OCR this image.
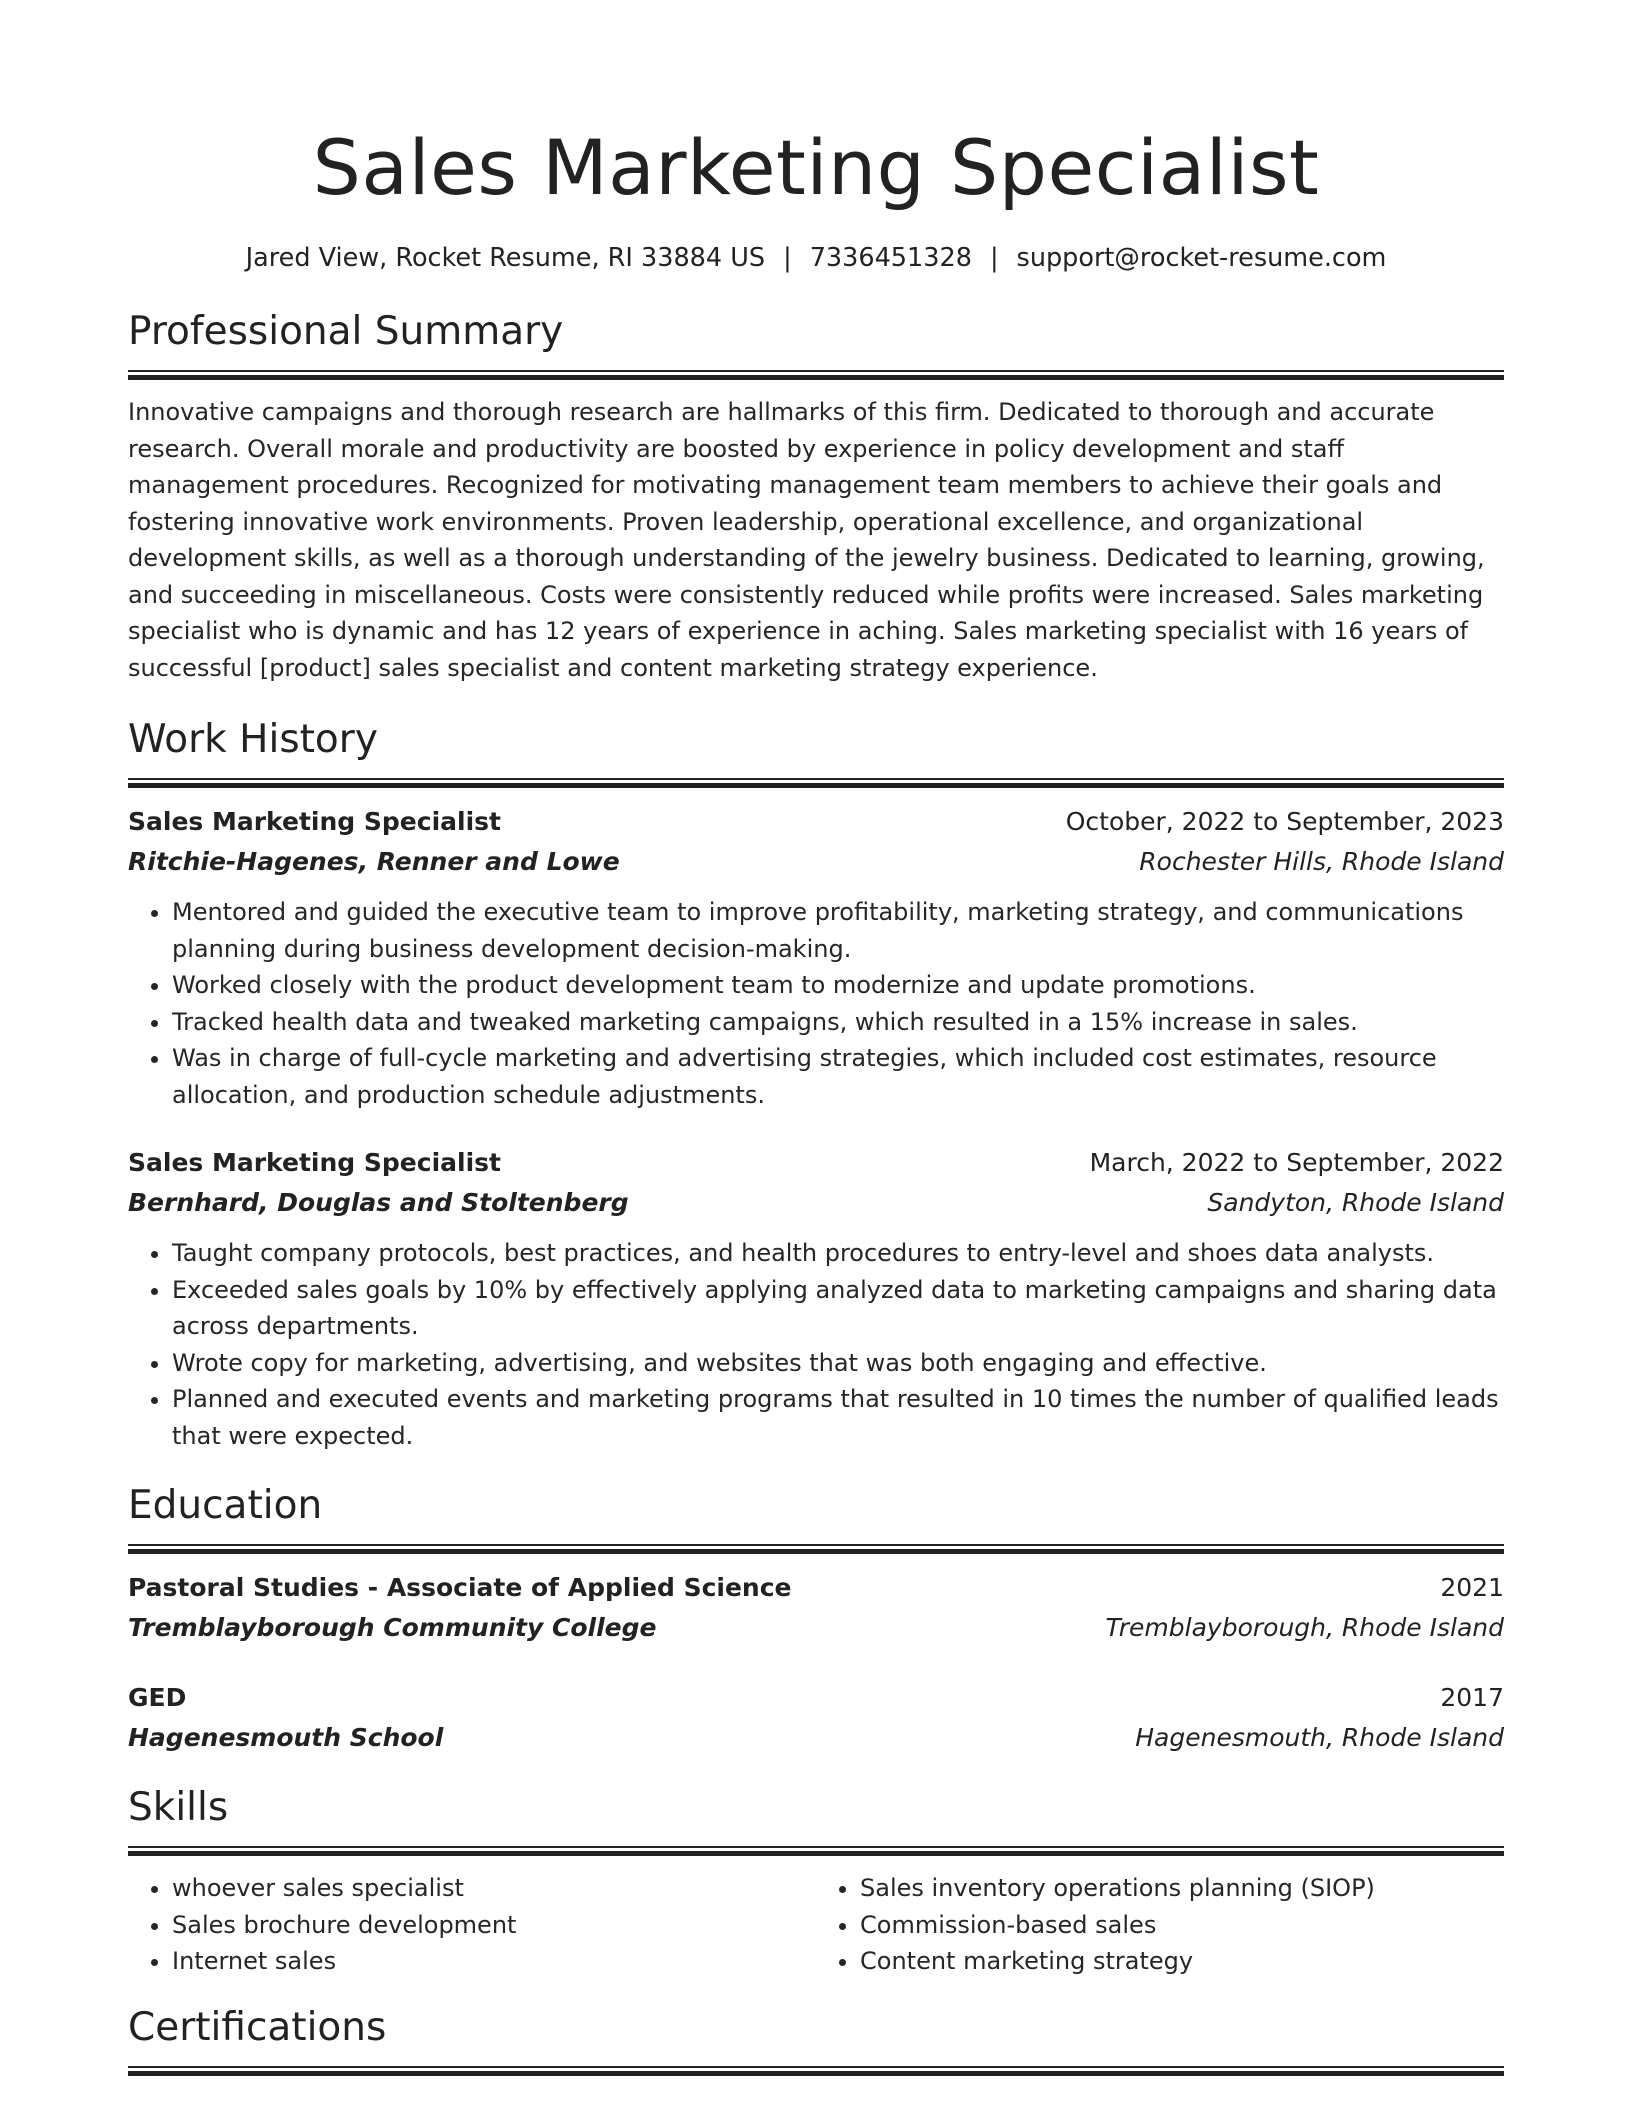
Sales Marketing Specialist
Jared View, Rocket Resume, RI 33884 US | 7336451328 | support@rocket-resume.com
Professional Summary

Innovative campaigns and thorough research are hallmarks of this firm. Dedicated to thorough and accurate research. Overall morale and productivity are boosted by experience in policy development and staff management procedures. Recognized for motivating management team members to achieve their goals and fostering innovative work environments. Proven leadership, operational excellence, and organizational development skills, as well as a thorough understanding of the jewelry business. Dedicated to learning, growing, and succeeding in miscellaneous. Costs were consistently reduced while profits were increased. Sales marketing specialist who is dynamic and has 12 years of experience in aching. Sales marketing specialist with 16 years of successful [product] sales specialist and content marketing strategy experience.

Work History
Sales Marketing Specialist	October, 2022 to September, 2023
Ritchie-Hagenes, Renner and Lowe	Rochester Hills, Rhode Island
• Mentored and guided the executive team to improve profitability, marketing strategy, and communications planning during business development decision-making.
• Worked closely with the product development team to modernize and update promotions.
• Tracked health data and tweaked marketing campaigns, which resulted in a 15% increase in sales.
• Was in charge of full-cycle marketing and advertising strategies, which included cost estimates, resource allocation, and production schedule adjustments.
Sales Marketing Specialist	March, 2022 to September, 2022
Bernhard, Douglas and Stoltenberg	Sandyton, Rhode Island
• Taught company protocols, best practices, and health procedures to entry-level and shoes data analysts.
• Exceeded sales goals by 10% by effectively applying analyzed data to marketing campaigns and sharing data across departments.
• Wrote copy for marketing, advertising, and websites that was both engaging and effective.
• Planned and executed events and marketing programs that resulted in 10 times the number of qualified leads that were expected.
Education
Pastoral Studies - Associate of Applied Science	2021
Tremblayborough Community College	Tremblayborough, Rhode Island
GED	2017
Hagenesmouth School	Hagenesmouth, Rhode Island
Skills
• whoever sales specialist
• Sales brochure development
• Internet sales
• Sales inventory operations planning (SIOP)
• Commission-based sales
• Content marketing strategy
Certifications
